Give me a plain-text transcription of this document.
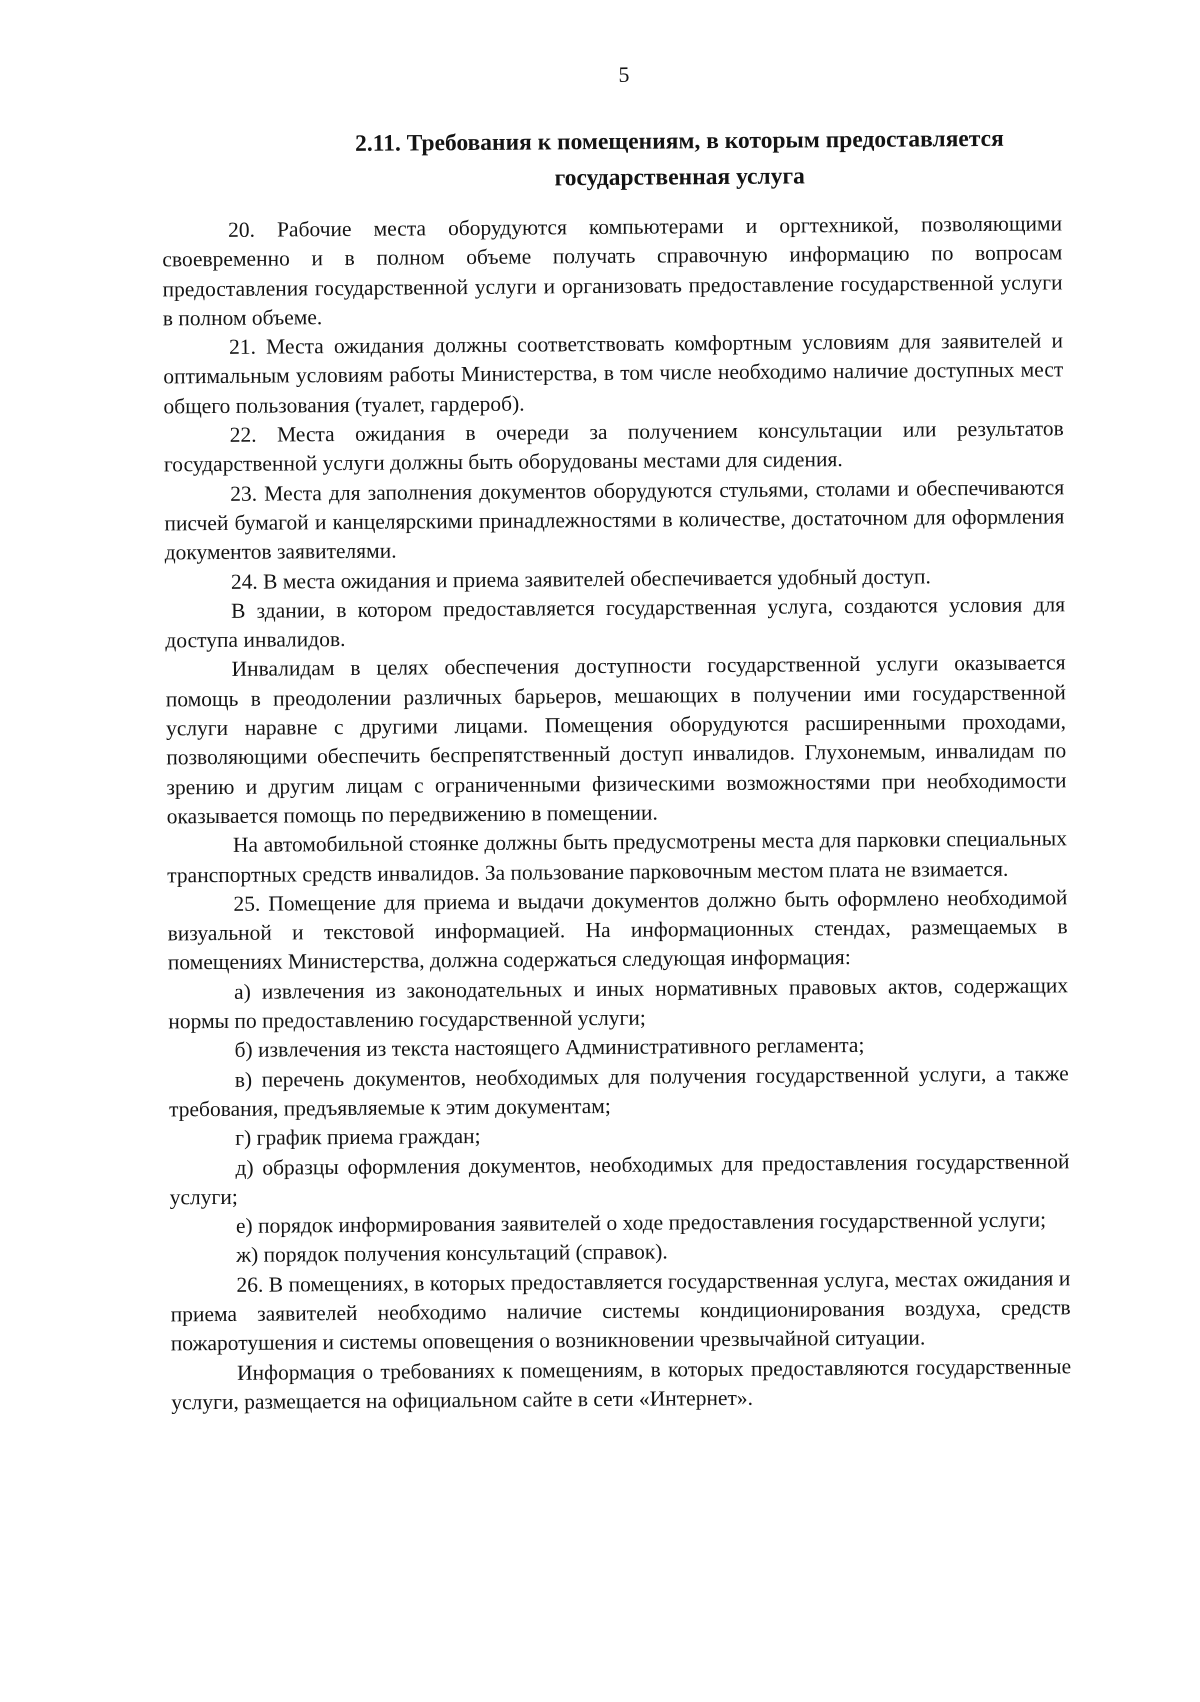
5
2.11. Требования к помещениям, в которым предоставляется
государственная услуга

20. Рабочие места оборудуются компьютерами и оргтехникой, позволяющими своевременно и в полном объеме получать справочную информацию по вопросам предоставления государственной услуги и организовать предоставление государственной услуги в полном объеме.

21. Места ожидания должны соответствовать комфортным условиям для заявителей и оптимальным условиям работы Министерства, в том числе необходимо наличие доступных мест общего пользования (туалет, гардероб).

22. Места ожидания в очереди за получением консультации или результатов государственной услуги должны быть оборудованы местами для сидения.

23. Места для заполнения документов оборудуются стульями, столами и обеспечиваются писчей бумагой и канцелярскими принадлежностями в количестве, достаточном для оформления документов заявителями.

24. В места ожидания и приема заявителей обеспечивается удобный доступ.

В здании, в котором предоставляется государственная услуга, создаются условия для доступа инвалидов.

Инвалидам в целях обеспечения доступности государственной услуги оказывается помощь в преодолении различных барьеров, мешающих в получении ими государственной услуги наравне с другими лицами. Помещения оборудуются расширенными проходами, позволяющими обеспечить беспрепятственный доступ инвалидов. Глухонемым, инвалидам по зрению и другим лицам с ограниченными физическими возможностями при необходимости оказывается помощь по передвижению в помещении.

На автомобильной стоянке должны быть предусмотрены места для парковки специальных транспортных средств инвалидов. За пользование парковочным местом плата не взимается.

25. Помещение для приема и выдачи документов должно быть оформлено необходимой визуальной и текстовой информацией. На информационных стендах, размещаемых в помещениях Министерства, должна содержаться следующая информация:

а) извлечения из законодательных и иных нормативных правовых актов, содержащих нормы по предоставлению государственной услуги;

б) извлечения из текста настоящего Административного регламента;

в) перечень документов, необходимых для получения государственной услуги, а также требования, предъявляемые к этим документам;

г) график приема граждан;

д) образцы оформления документов, необходимых для предоставления государственной услуги;

е) порядок информирования заявителей о ходе предоставления государственной услуги;

ж) порядок получения консультаций (справок).

26. В помещениях, в которых предоставляется государственная услуга, местах ожидания и приема заявителей необходимо наличие системы кондиционирования воздуха, средств пожаротушения и системы оповещения о возникновении чрезвычайной ситуации.

Информация о требованиях к помещениям, в которых предоставляются государственные услуги, размещается на официальном сайте в сети «Интернет».
